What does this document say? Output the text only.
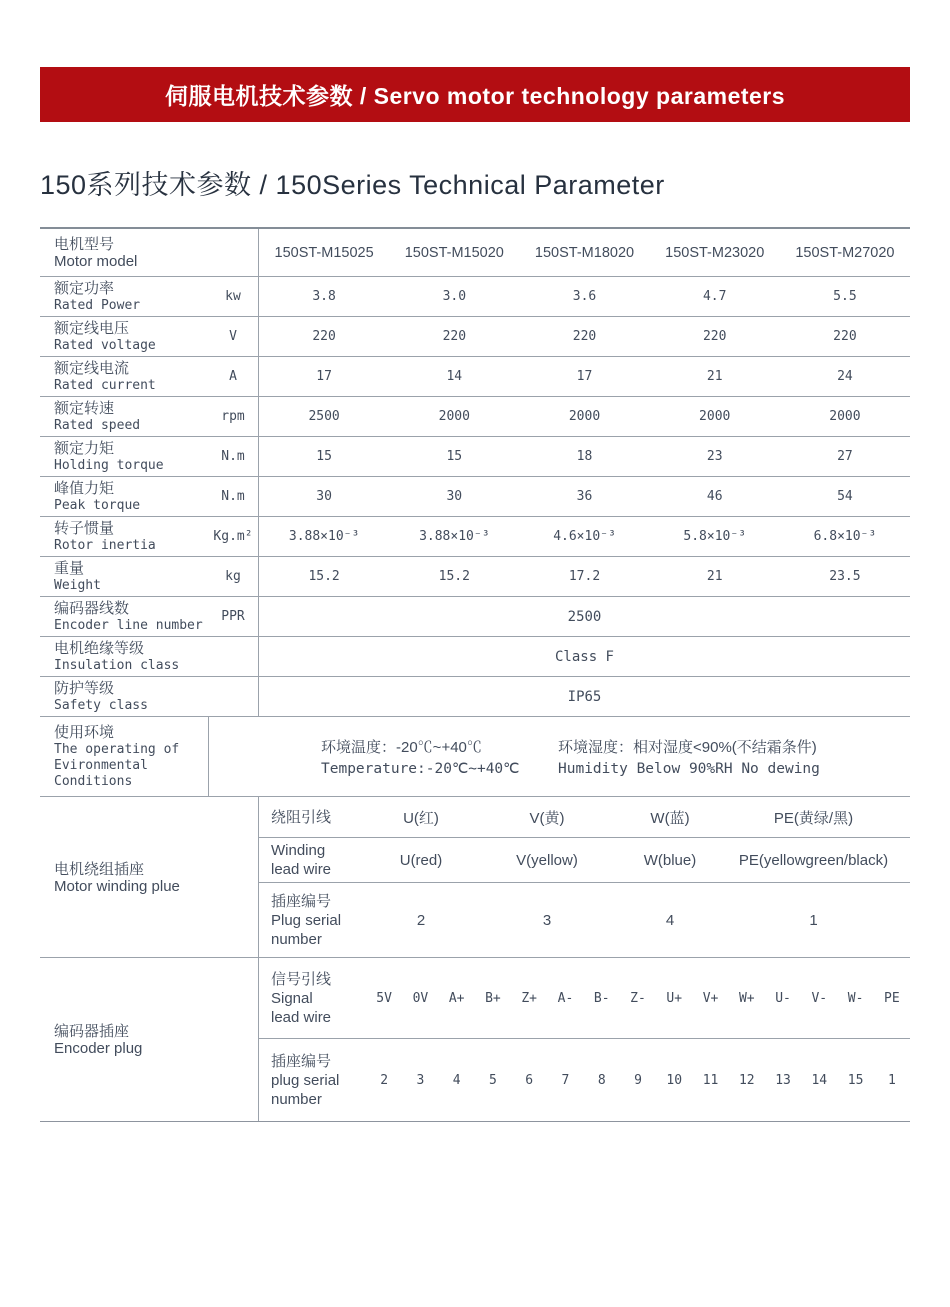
伺服电机技术参数 / Servo motor technology parameters
150系列技术参数 / 150Series Technical Parameter
电机型号
Motor model
150ST-M15025	150ST-M15020	150ST-M18020	150ST-M23020	150ST-M27020
额定功率
Rated Power
kw	3.8	3.0	3.6	4.7	5.5
额定线电压
Rated voltage
V	220	220	220	220	220
额定线电流
Rated current
A	17	14	17	21	24
额定转速
Rated speed
rpm	2500	2000	2000	2000	2000
额定力矩
Holding torque
N.m	15	15	18	23	27
峰值力矩
Peak torque
N.m	30	30	36	46	54
转子惯量
Rotor inertia
Kg.m²	3.88×10⁻³	3.88×10⁻³	4.6×10⁻³	5.8×10⁻³	6.8×10⁻³
重量
Weight
kg	15.2	15.2	17.2	21	23.5
编码器线数
Encoder line number
PPR	2500
电机绝缘等级
Insulation class
Class F
防护等级
Safety class
IP65
使用环境
The operating of
Evironmental Conditions
环境温度：-20℃~+40℃
Temperature:-20℃~+40℃
环境湿度：相对湿度<90%(不结霜条件)
Humidity Below 90%RH No dewing
电机绕组插座
Motor winding plue
绕阻引线	U(红)	V(黄)	W(蓝)	PE(黄绿/黑)
Winding
lead wire
U(red)	V(yellow)	W(blue)	PE(yellowgreen/black)
插座编号
Plug serial
number
2	3	4	1
编码器插座
Encoder plug
信号引线
Signal
lead wire
5V	0V	A+	B+	Z+	A-	B-	Z-	U+	V+	W+	U-	V-	W-	PE
插座编号
plug serial
number
2	3	4	5	6	7	8	9	10	11	12	13	14	15	1
